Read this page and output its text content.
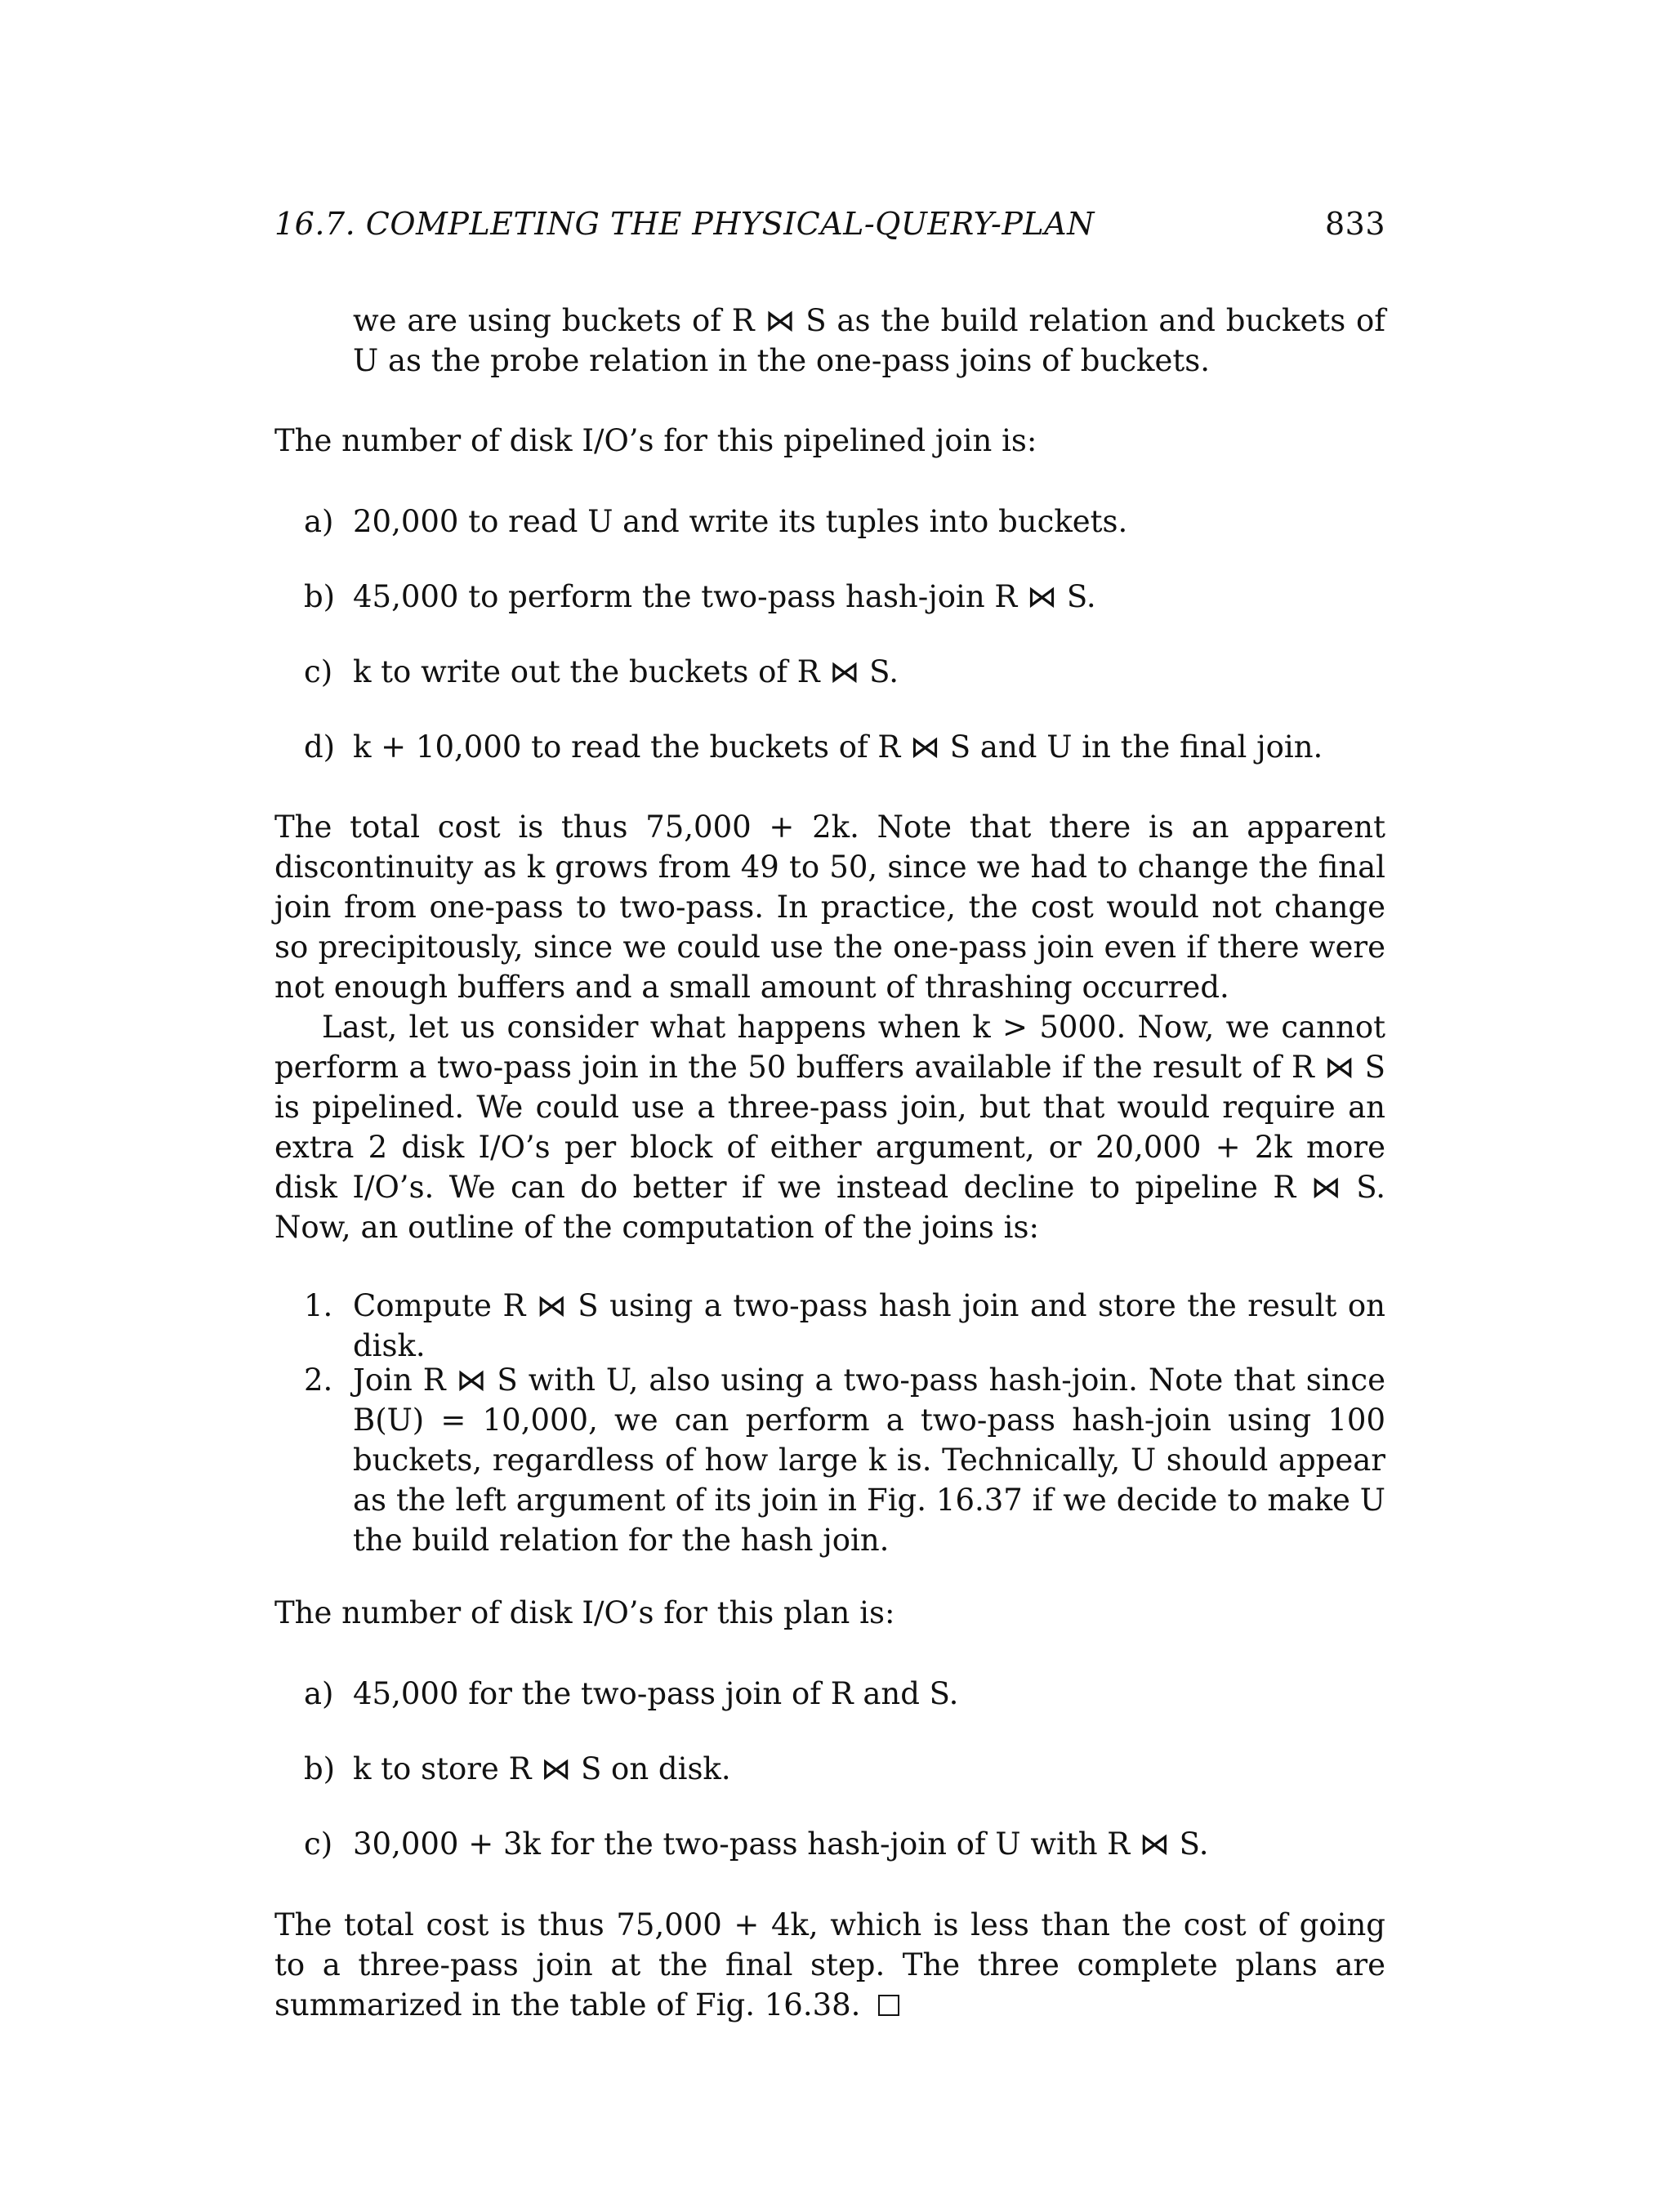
16.7. COMPLETING THE PHYSICAL-QUERY-PLAN	833
we are using buckets of R ⋈ S as the build relation and buckets of U as the probe relation in the one-pass joins of buckets.
The number of disk I/O’s for this pipelined join is:
a) 20,000 to read U and write its tuples into buckets.
b) 45,000 to perform the two-pass hash-join R ⋈ S.
c) k to write out the buckets of R ⋈ S.
d) k + 10,000 to read the buckets of R ⋈ S and U in the final join.

The total cost is thus 75,000 + 2k. Note that there is an apparent discontinuity as k grows from 49 to 50, since we had to change the final join from one-pass to two-pass. In practice, the cost would not change so precipitously, since we could use the one-pass join even if there were not enough buffers and a small amount of thrashing occurred.

Last, let us consider what happens when k > 5000. Now, we cannot perform a two-pass join in the 50 buffers available if the result of R ⋈ S is pipelined. We could use a three-pass join, but that would require an extra 2 disk I/O’s per block of either argument, or 20,000 + 2k more disk I/O’s. We can do better if we instead decline to pipeline R ⋈ S. Now, an outline of the computation of the joins is:

1. Compute R ⋈ S using a two-pass hash join and store the result on disk.
2. Join R ⋈ S with U, also using a two-pass hash-join. Note that since B(U) = 10,000, we can perform a two-pass hash-join using 100 buckets, regardless of how large k is. Technically, U should appear as the left argument of its join in Fig. 16.37 if we decide to make U the build relation for the hash join.
The number of disk I/O’s for this plan is:
a) 45,000 for the two-pass join of R and S.
b) k to store R ⋈ S on disk.
c) 30,000 + 3k for the two-pass hash-join of U with R ⋈ S.
The total cost is thus 75,000 + 4k, which is less than the cost of going to a three-pass join at the final step. The three complete plans are summarized in the table of Fig. 16.38.
